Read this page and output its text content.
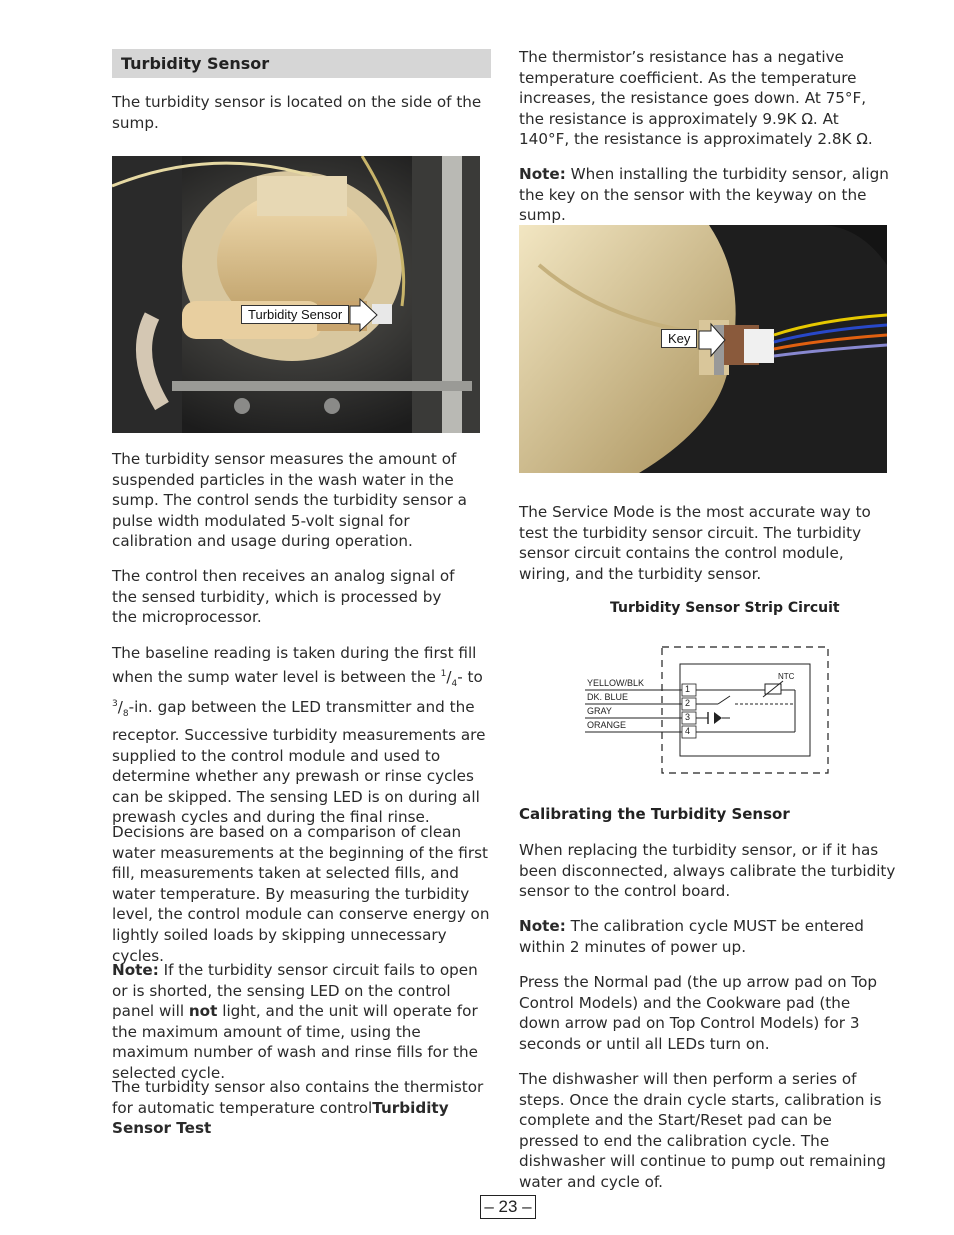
Turbidity Sensor

The turbidity sensor is located on the side of the sump.

Turbidity Sensor

The turbidity sensor measures the amount of suspended particles in the wash water in the sump. The control sends the turbidity sensor a pulse width modulated 5-volt signal for calibration and usage during operation.

The control then receives an analog signal of the sensed turbidity, which is processed by the microprocessor.

The baseline reading is taken during the first fill when the sump water level is between the $^1/_4-$ to $^3/_8-in$. gap between the LED transmitter and the receptor. Successive turbidity measurements are supplied to the control module and used to determine whether any prewash or rinse cycles can be skipped. The sensing LED is on during all prewash cycles and during the final rinse.

Decisions are based on a comparison of clean water measurements at the beginning of the first fill, measurements taken at selected fills, and water temperature. By measuring the turbidity level, the control module can conserve energy on lightly soiled loads by skipping unnecessary cycles.

Note: If the turbidity sensor circuit fails to open or is shorted, the sensing LED on the control panel will not light, and the unit will operate for the maximum amount of time, using the maximum number of wash and rinse fills for the selected cycle.

The turbidity sensor also contains the thermistor for automatic temperature controlTurbidity Sensor Test

The thermistor’s resistance has a negative temperature coefficient. As the temperature increases, the resistance goes down. At 75°F, the resistance is approximately 9.9K Ω. At 140°F, the resistance is approximately 2.8K Ω.

Note: When installing the turbidity sensor, align the key on the sensor with the keyway on the sump.

Key

The Service Mode is the most accurate way to test the turbidity sensor circuit. The turbidity sensor circuit contains the control module, wiring, and the turbidity sensor.

Turbidity Sensor Strip Circuit
NTC
YELLOW/BLK
DK. BLUE
GRAY
ORANGE
1
2
3
4
Calibrating the Turbidity Sensor

When replacing the turbidity sensor, or if it has been disconnected, always calibrate the turbidity sensor to the control board.

Note: The calibration cycle MUST be entered within 2 minutes of power up.

Press the Normal pad (the up arrow pad on Top Control Models) and the Cookware pad (the down arrow pad on Top Control Models) for 3 seconds or until all LEDs turn on.

The dishwasher will then perform a series of steps. Once the drain cycle starts, calibration is complete and the Start/Reset pad can be pressed to end the calibration cycle. The dishwasher will continue to pump out remaining water and cycle of.

– 23 –
